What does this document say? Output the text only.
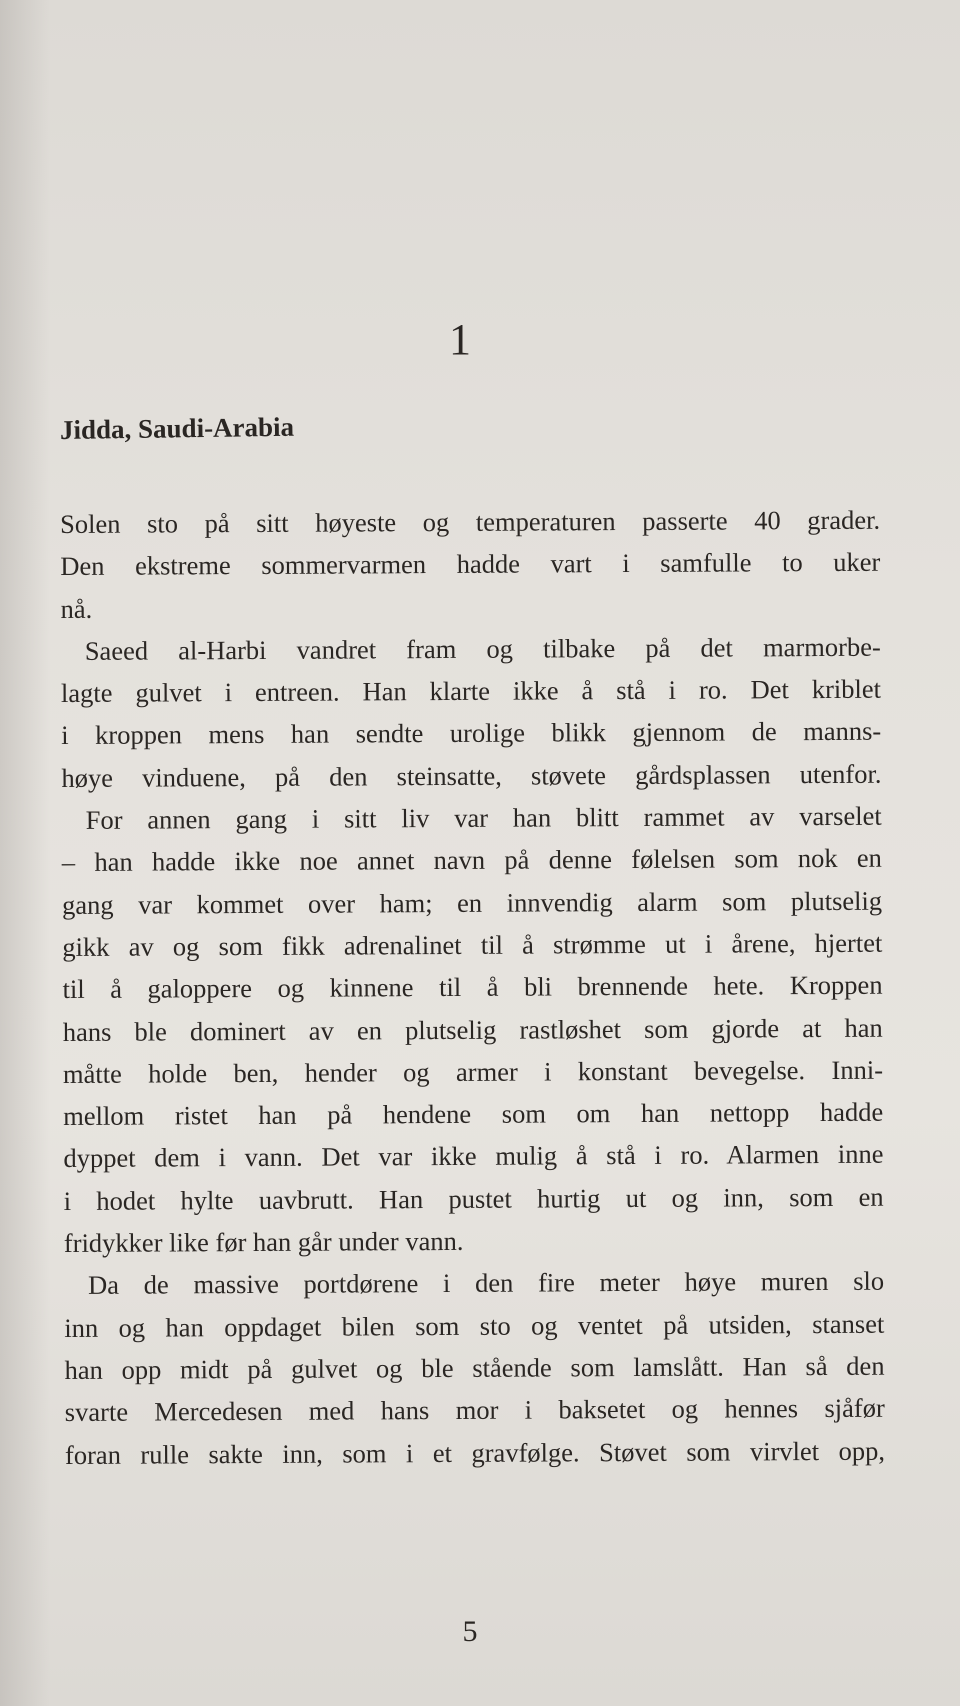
1
Jidda, Saudi-Arabia
Solen sto på sitt høyeste og temperaturen passerte 40 grader.
Den ekstreme sommervarmen hadde vart i samfulle to uker
nå.
Saeed al-Harbi vandret fram og tilbake på det marmorbe-
lagte gulvet i entreen. Han klarte ikke å stå i ro. Det kriblet
i kroppen mens han sendte urolige blikk gjennom de manns-
høye vinduene, på den steinsatte, støvete gårdsplassen utenfor.
For annen gang i sitt liv var han blitt rammet av varselet
– han hadde ikke noe annet navn på denne følelsen som nok en
gang var kommet over ham; en innvendig alarm som plutselig
gikk av og som fikk adrenalinet til å strømme ut i årene, hjertet
til å galoppere og kinnene til å bli brennende hete. Kroppen
hans ble dominert av en plutselig rastløshet som gjorde at han
måtte holde ben, hender og armer i konstant bevegelse. Inni-
mellom ristet han på hendene som om han nettopp hadde
dyppet dem i vann. Det var ikke mulig å stå i ro. Alarmen inne
i hodet hylte uavbrutt. Han pustet hurtig ut og inn, som en
fridykker like før han går under vann.
Da de massive portdørene i den fire meter høye muren slo
inn og han oppdaget bilen som sto og ventet på utsiden, stanset
han opp midt på gulvet og ble stående som lamslått. Han så den
svarte Mercedesen med hans mor i baksetet og hennes sjåfør
foran rulle sakte inn, som i et gravfølge. Støvet som virvlet opp,
5
